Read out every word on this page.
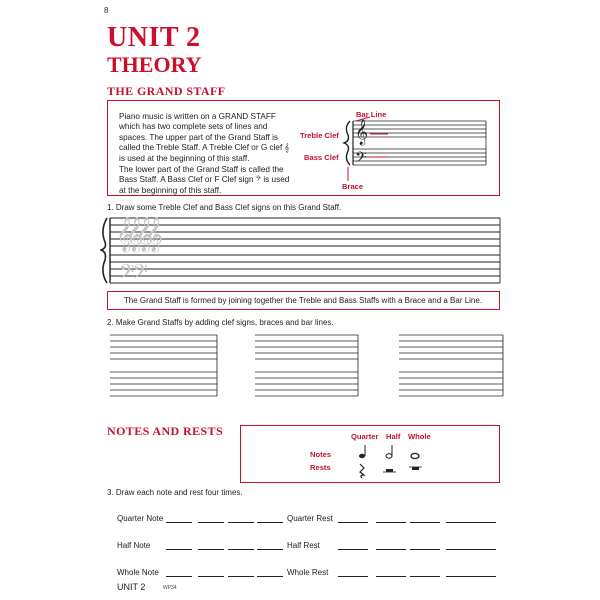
8
UNIT 2
THEORY
THE GRAND STAFF
Piano music is written on a GRAND STAFF which has two complete sets of lines and spaces. The upper part of the Grand Staff is called the Treble Staff. A Treble Clef or G clef 𝄞 is used at the beginning of this staff.
The lower part of the Grand Staff is called the Bass Staff. A Bass Clef or F Clef sign 𝄢 is used at the beginning of this staff.
𝄞
𝄢
Bar Line
Treble Clef
Bass Clef
Brace
1. Draw some Treble Clef and Bass Clef signs on this Grand Staff.
𝄞𝄞𝄞𝄞
𝄢𝄢
The Grand Staff is formed by joining together the Treble and Bass Staffs with a Brace and a Bar Line.
2. Make Grand Staffs by adding clef signs, braces and bar lines.
NOTES AND RESTS	Quarter Half Whole
Notes
Rests
3. Draw each note and rest four times.
Quarter Note	Quarter Rest
Half Note	Half Rest
Whole Note	Whole Rest
UNIT 2	WP34
